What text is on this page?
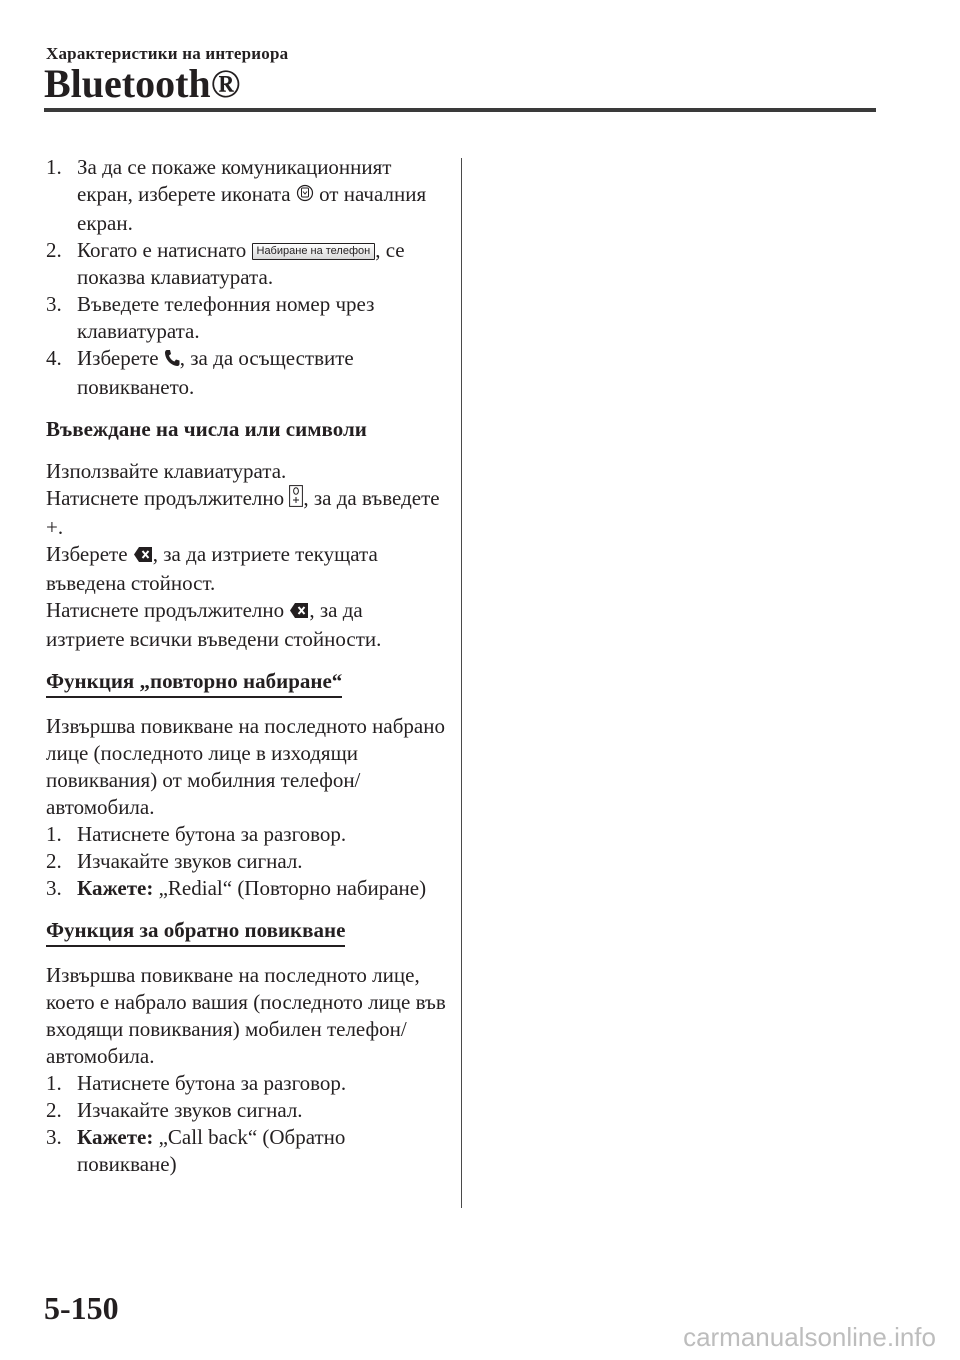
Характеристики на интериора
Bluetooth®
1. За да се покаже комуникационният екран, изберете иконата  от началния екран.
2. Когато е натиснато Набиране на телефон , се показва клавиатурата.
3. Въведете телефонния номер чрез клавиатурата.
4. Изберете , за да осъществите повикването.

Въвеждане на числа или символи

Използвайте клавиатурата.

Натиснете продължително , за да въведете +.

Изберете , за да изтриете текущата въведена стойност.

Натиснете продължително , за да изтриете всички въведени стойности.

Функция „повторно набиране“

Извършва повикване на последното набрано лице (последното лице в изходящи повиквания) от мобилния телефон/автомобила.

1. Натиснете бутона за разговор.
2. Изчакайте звуков сигнал.
3. Кажете: „Redial“ (Повторно набиране)

Функция за обратно повикване

Извършва повикване на последното лице, което е набрало вашия (последното лице във входящи повиквания) мобилен телефон/автомобила.

1. Натиснете бутона за разговор.
2. Изчакайте звуков сигнал.
3. Кажете: „Call back“ (Обратно повикване)
5-150
carmanualsonline.info
